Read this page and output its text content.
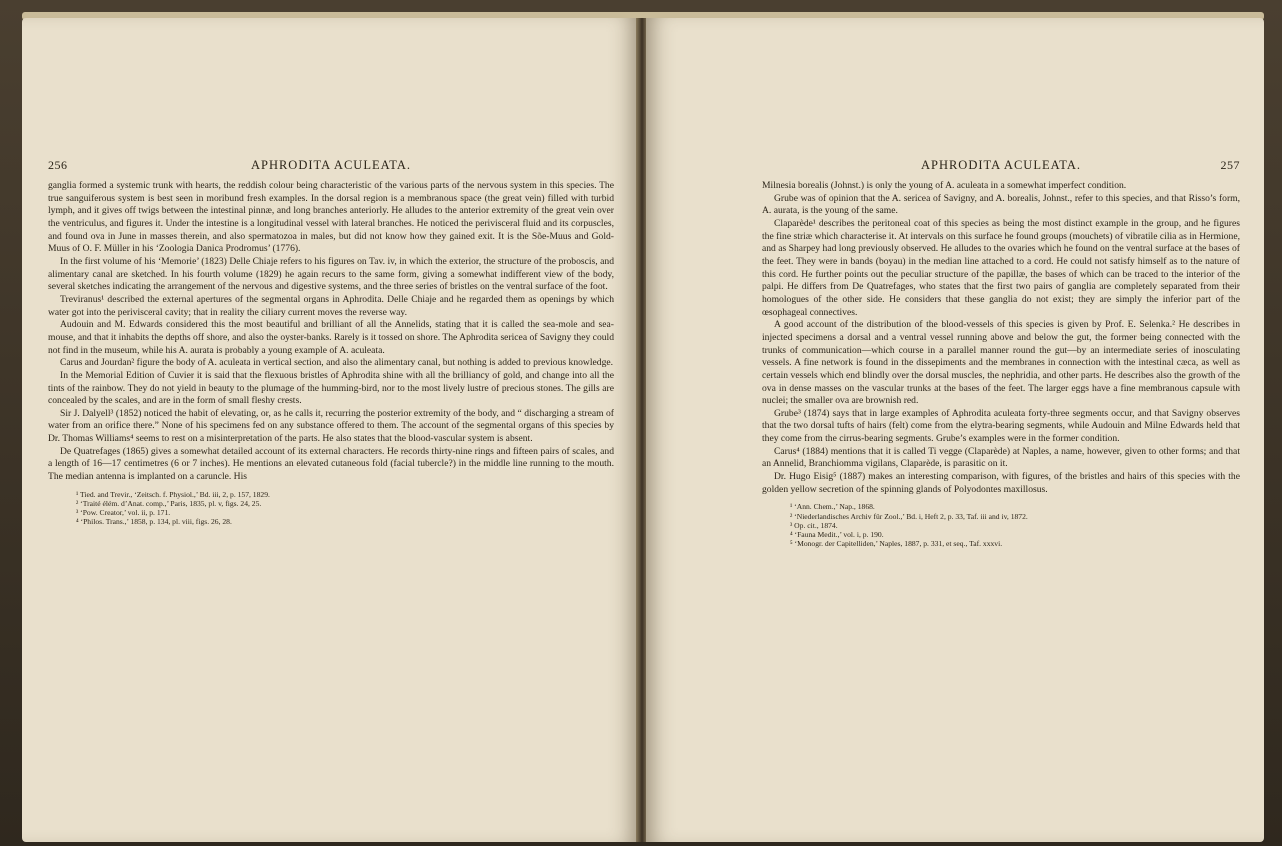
256	APHRODITA ACULEATA.

ganglia formed a systemic trunk with hearts, the reddish colour being characteristic of the various parts of the nervous system in this species. The true sanguiferous system is best seen in moribund fresh examples. In the dorsal region is a membranous space (the great vein) filled with turbid lymph, and it gives off twigs between the intestinal pinnæ, and long branches anteriorly. He alludes to the anterior extremity of the great vein over the ventriculus, and figures it. Under the intestine is a longitudinal vessel with lateral branches. He noticed the perivisceral fluid and its corpuscles, and found ova in June in masses therein, and also spermatozoa in males, but did not know how they gained exit. It is the Sõe-Muus and Gold-Muus of O. F. Müller in his ‘Zoologia Danica Prodromus’ (1776).

In the first volume of his ‘Memorie’ (1823) Delle Chiaje refers to his figures on Tav. iv, in which the exterior, the structure of the proboscis, and alimentary canal are sketched. In his fourth volume (1829) he again recurs to the same form, giving a somewhat indifferent view of the body, several sketches indicating the arrangement of the nervous and digestive systems, and the three series of bristles on the ventral surface of the foot.

Treviranus¹ described the external apertures of the segmental organs in Aphrodita. Delle Chiaje and he regarded them as openings by which water got into the perivisceral cavity; that in reality the ciliary current moves the reverse way.

Audouin and M. Edwards considered this the most beautiful and brilliant of all the Annelids, stating that it is called the sea-mole and sea-mouse, and that it inhabits the depths off shore, and also the oyster-banks. Rarely is it tossed on shore. The Aphrodita sericea of Savigny they could not find in the museum, while his A. aurata is probably a young example of A. aculeata.

Carus and Jourdan² figure the body of A. aculeata in vertical section, and also the alimentary canal, but nothing is added to previous knowledge.

In the Memorial Edition of Cuvier it is said that the flexuous bristles of Aphrodita shine with all the brilliancy of gold, and change into all the tints of the rainbow. They do not yield in beauty to the plumage of the humming-bird, nor to the most lively lustre of precious stones. The gills are concealed by the scales, and are in the form of small fleshy crests.

Sir J. Dalyell³ (1852) noticed the habit of elevating, or, as he calls it, recurring the posterior extremity of the body, and “ discharging a stream of water from an orifice there.” None of his specimens fed on any substance offered to them. The account of the segmental organs of this species by Dr. Thomas Williams⁴ seems to rest on a misinterpretation of the parts. He also states that the blood-vascular system is absent.

De Quatrefages (1865) gives a somewhat detailed account of its external characters. He records thirty-nine rings and fifteen pairs of scales, and a length of 16—17 centimetres (6 or 7 inches). He mentions an elevated cutaneous fold (facial tubercle?) in the middle line running to the mouth. The median antenna is implanted on a caruncle. His

¹ Tied. and Trevir., ‘Zeitsch. f. Physiol.,’ Bd. iii, 2, p. 157, 1829.
² ‘Traité élém. d’Anat. comp.,’ Paris, 1835, pl. v, figs. 24, 25.
³ ‘Pow. Creator,’ vol. ii, p. 171.
⁴ ‘Philos. Trans.,’ 1858, p. 134, pl. viii, figs. 26, 28.
APHRODITA ACULEATA.	257

Milnesia borealis (Johnst.) is only the young of A. aculeata in a somewhat imperfect condition.

Grube was of opinion that the A. sericea of Savigny, and A. borealis, Johnst., refer to this species, and that Risso’s form, A. aurata, is the young of the same.

Claparède¹ describes the peritoneal coat of this species as being the most distinct example in the group, and he figures the fine striæ which characterise it. At intervals on this surface he found groups (mouchets) of vibratile cilia as in Hermione, and as Sharpey had long previously observed. He alludes to the ovaries which he found on the ventral surface at the bases of the feet. They were in bands (boyau) in the median line attached to a cord. He could not satisfy himself as to the nature of this cord. He further points out the peculiar structure of the papillæ, the bases of which can be traced to the interior of the palpi. He differs from De Quatrefages, who states that the first two pairs of ganglia are completely separated from their homologues of the other side. He considers that these ganglia do not exist; they are simply the inferior part of the œsophageal connectives.

A good account of the distribution of the blood-vessels of this species is given by Prof. E. Selenka.² He describes in injected specimens a dorsal and a ventral vessel running above and below the gut, the former being connected with the trunks of communication—which course in a parallel manner round the gut—by an intermediate series of inosculating vessels. A fine network is found in the dissepiments and the membranes in connection with the intestinal cæca, as well as certain vessels which end blindly over the dorsal muscles, the nephridia, and other parts. He describes also the growth of the ova in dense masses on the vascular trunks at the bases of the feet. The larger eggs have a fine membranous capsule with nuclei; the smaller ova are brownish red.

Grube³ (1874) says that in large examples of Aphrodita aculeata forty-three segments occur, and that Savigny observes that the two dorsal tufts of hairs (felt) come from the elytra-bearing segments, while Audouin and Milne Edwards held that they come from the cirrus-bearing segments. Grube’s examples were in the former condition.

Carus⁴ (1884) mentions that it is called Ti vegge (Claparède) at Naples, a name, however, given to other forms; and that an Annelid, Branchiomma vigilans, Claparède, is parasitic on it.

Dr. Hugo Eisig⁵ (1887) makes an interesting comparison, with figures, of the bristles and hairs of this species with the golden yellow secretion of the spinning glands of Polyodontes maxillosus.

¹ ‘Ann. Chem.,’ Nap., 1868.
² ‘Niederlandisches Archiv für Zool.,’ Bd. i, Heft 2, p. 33, Taf. iii and iv, 1872.
³ Op. cit., 1874.
⁴ ‘Fauna Medit.,’ vol. i, p. 190.
⁵ ‘Monogr. der Capitelliden,’ Naples, 1887, p. 331, et seq., Taf. xxxvi.
